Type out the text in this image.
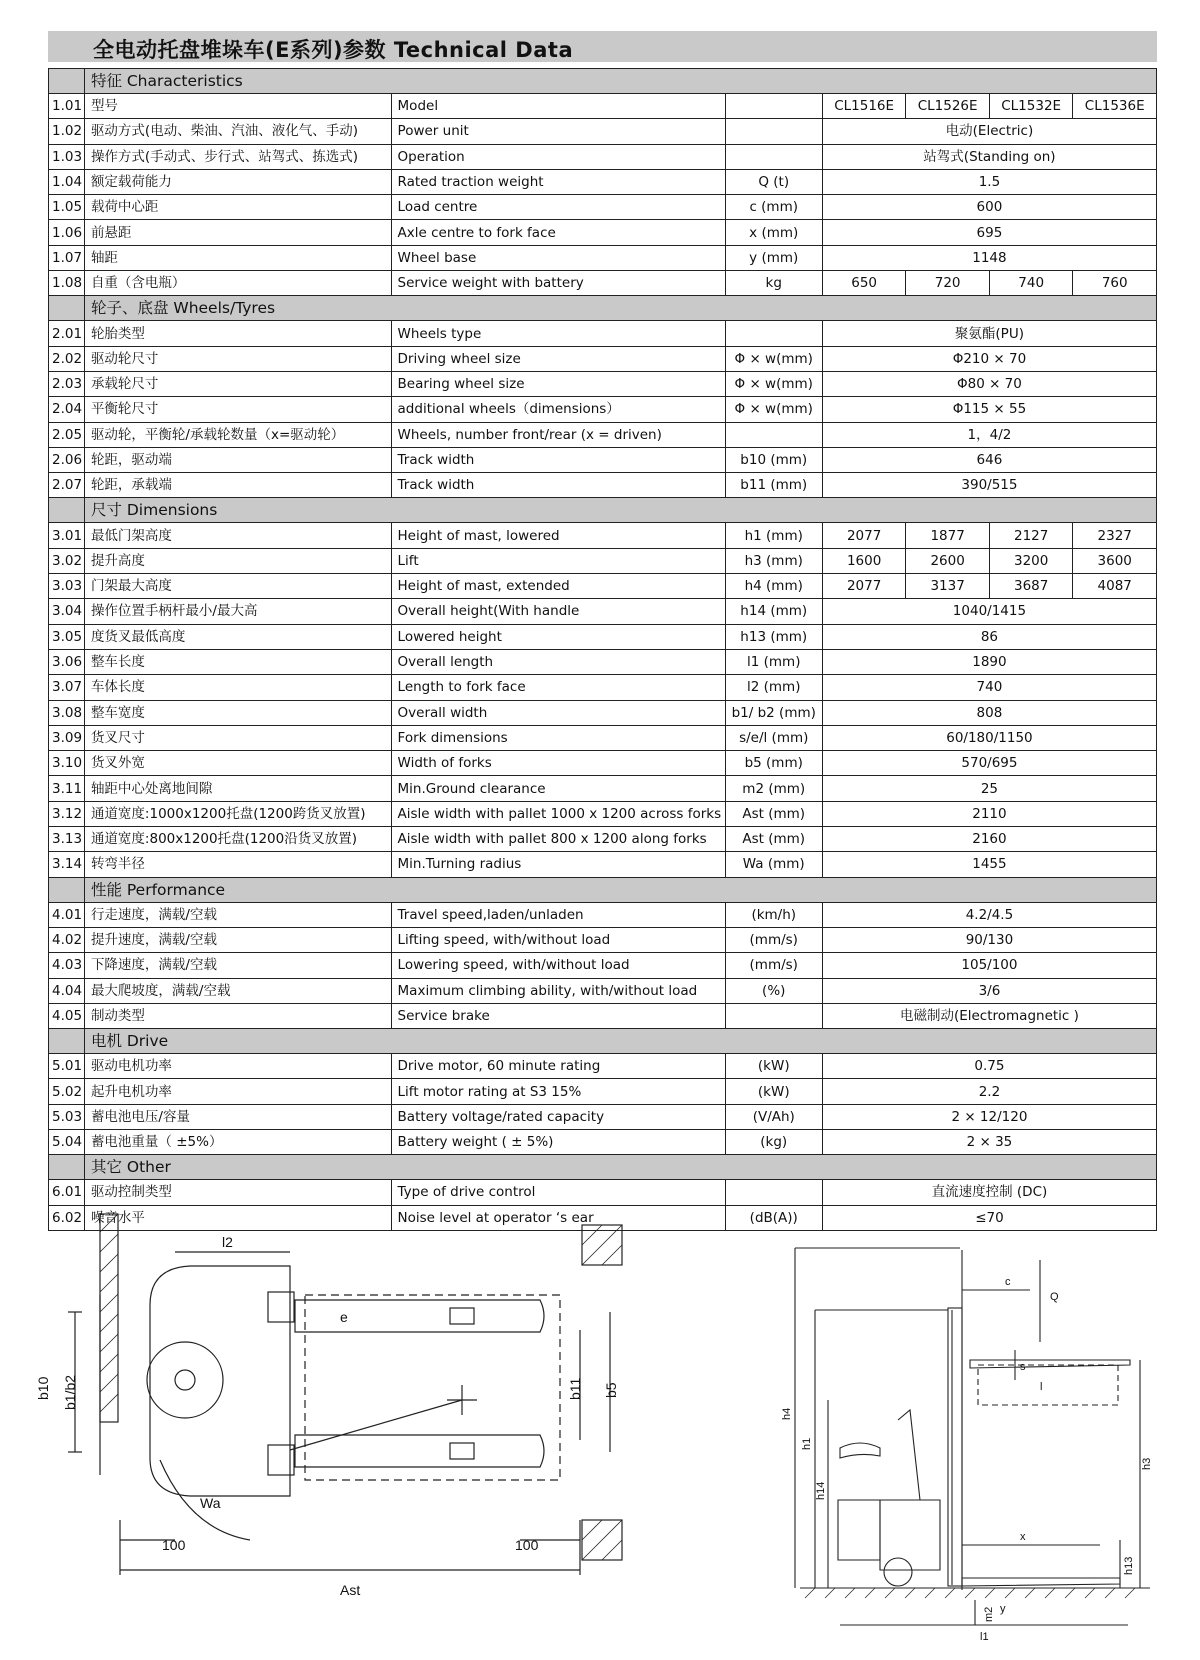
全电动托盘堆垛车(E系列)参数 Technical Data
	特征 Characteristics						
1.01	型号	Model		CL1516E	CL1526E	CL1532E	CL1536E
1.02	驱动方式(电动、柴油、汽油、液化气、手动)	Power unit		电动(Electric)			
1.03	操作方式(手动式、步行式、站驾式、拣选式)	Operation		站驾式(Standing on)			
1.04	额定载荷能力	Rated traction weight	Q (t)	1.5			
1.05	载荷中心距	Load centre	c (mm)	600			
1.06	前悬距	Axle centre to fork face	x (mm)	695			
1.07	轴距	Wheel base	y (mm)	1148			
1.08	自重（含电瓶）	Service weight with battery	kg	650	720	740	760
	轮子、底盘 Wheels/Tyres						
2.01	轮胎类型	Wheels type		聚氨酯(PU)			
2.02	驱动轮尺寸	Driving wheel size	Φ × w(mm)	Φ210 × 70			
2.03	承载轮尺寸	Bearing wheel size	Φ × w(mm)	Φ80 × 70			
2.04	平衡轮尺寸	additional wheels（dimensions）	Φ × w(mm)	Φ115 × 55			
2.05	驱动轮，平衡轮/承载轮数量（x=驱动轮）	Wheels, number front/rear (x = driven)		1，4/2			
2.06	轮距，驱动端	Track width	b10 (mm)	646			
2.07	轮距，承载端	Track width	b11 (mm)	390/515			
	尺寸 Dimensions						
3.01	最低门架高度	Height of mast, lowered	h1 (mm)	2077	1877	2127	2327
3.02	提升高度	Lift	h3 (mm)	1600	2600	3200	3600
3.03	门架最大高度	Height of mast, extended	h4 (mm)	2077	3137	3687	4087
3.04	操作位置手柄杆最小/最大高	Overall height(With handle	h14 (mm)	1040/1415			
3.05	度货叉最低高度	Lowered height	h13 (mm)	86			
3.06	整车长度	Overall length	l1 (mm)	1890			
3.07	车体长度	Length to fork face	l2 (mm)	740			
3.08	整车宽度	Overall width	b1/ b2 (mm)	808			
3.09	货叉尺寸	Fork dimensions	s/e/l (mm)	60/180/1150			
3.10	货叉外宽	Width of forks	b5 (mm)	570/695			
3.11	轴距中心处离地间隙	Min.Ground clearance	m2 (mm)	25			
3.12	通道宽度:1000x1200托盘(1200跨货叉放置)	Aisle width with pallet 1000 x 1200 across forks	Ast (mm)	2110			
3.13	通道宽度:800x1200托盘(1200沿货叉放置)	Aisle width with pallet 800 x 1200 along forks	Ast (mm)	2160			
3.14	转弯半径	Min.Turning radius	Wa (mm)	1455			
	性能 Performance						
4.01	行走速度，满载/空载	Travel speed,laden/unladen	(km/h)	4.2/4.5			
4.02	提升速度，满载/空载	Lifting speed, with/without load	(mm/s)	90/130			
4.03	下降速度，满载/空载	Lowering speed, with/without load	(mm/s)	105/100			
4.04	最大爬坡度，满载/空载	Maximum climbing ability, with/without load	(%)	3/6			
4.05	制动类型	Service brake		电磁制动(Electromagnetic )			
	电机 Drive						
5.01	驱动电机功率	Drive motor, 60 minute rating	(kW)	0.75			
5.02	起升电机功率	Lift motor rating at S3 15%	(kW)	2.2			
5.03	蓄电池电压/容量	Battery voltage/rated capacity	(V/Ah)	2 × 12/120			
5.04	蓄电池重量（ ±5%）	Battery weight ( ± 5%)	(kg)	2 × 35			
	其它 Other						
6.01	驱动控制类型	Type of drive control		直流速度控制 (DC)			
6.02	噪音水平	Noise level at operator ‘s ear	(dB(A))	≤70			
l2
e
b10 b1/b2	b11 b5
Wa
100	100
Ast
c
Q
s
l
h4
h1
h14
h3
x
h13
m2 y
l1
